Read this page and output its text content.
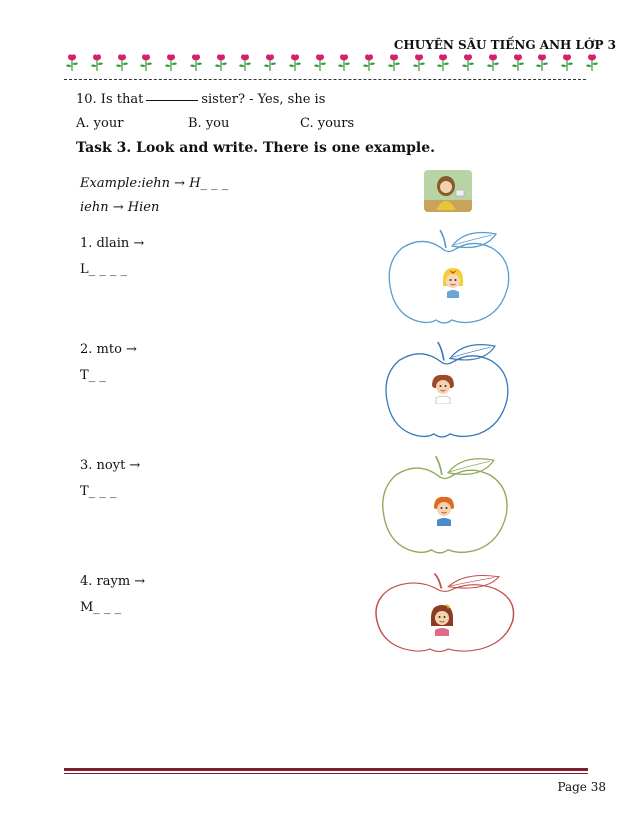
CHUYÊN SÂU TIẾNG ANH LỚP 3
10. Is that	sister? - Yes, she is
A. your	B. you	C. yours
Task 3. Look and write. There is one example.
Example:iehn → H_ _ _
iehn → Hien
1. dlain →
L_ _ _ _
2. mto →
T_ _
3. noyt →
T_ _ _
4. raym →
M_ _ _
Page 38
